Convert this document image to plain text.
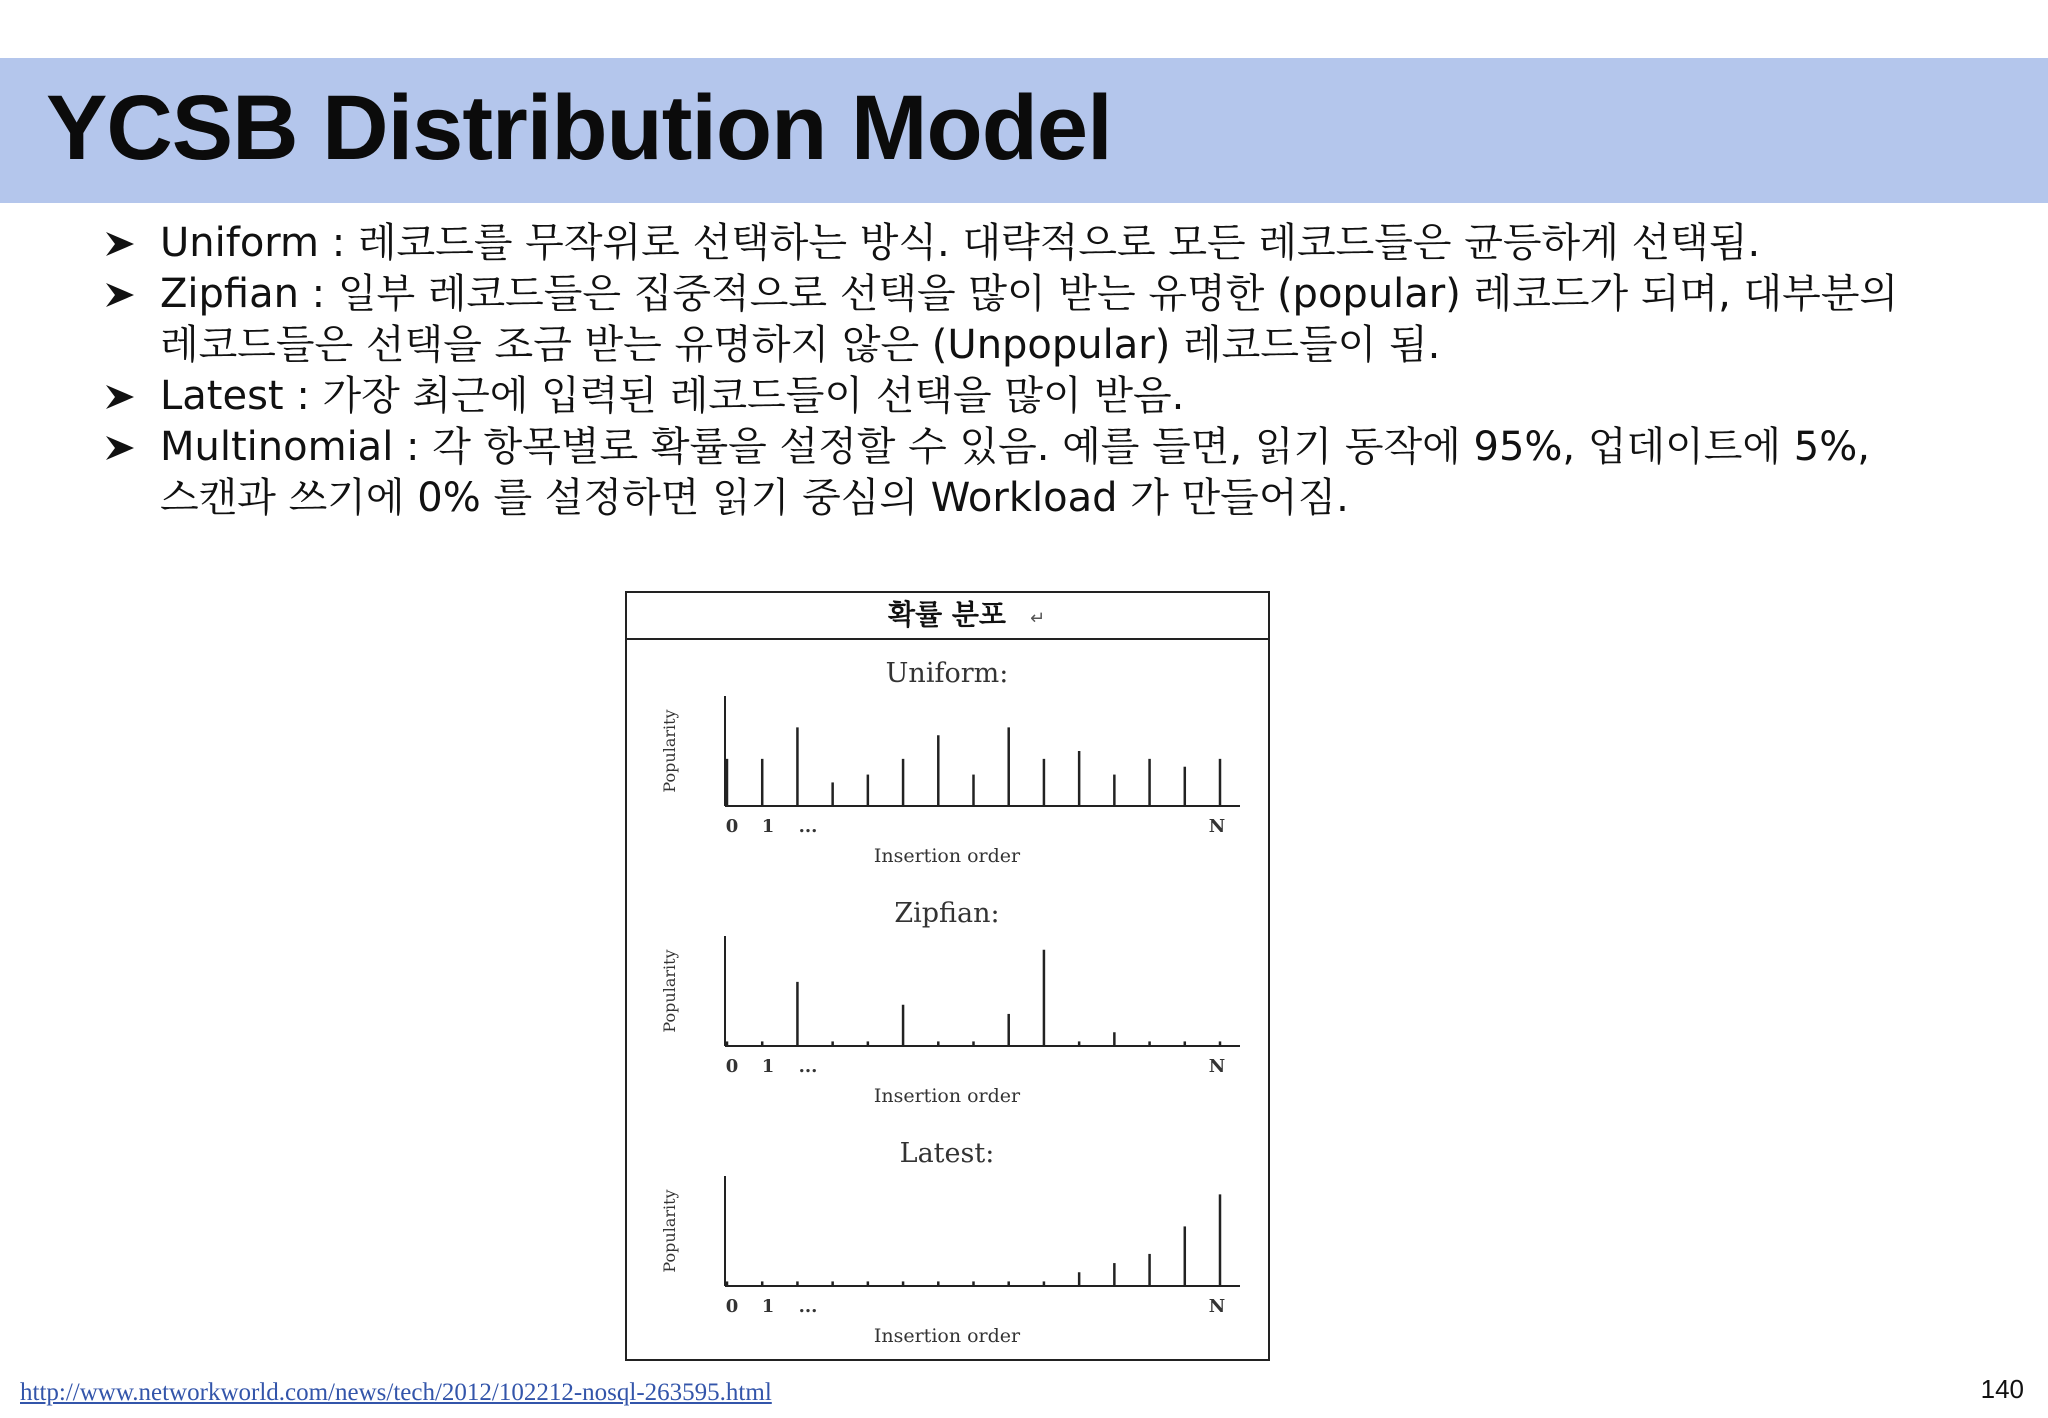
YCSB Distribution Model
Uniform : 레코드를 무작위로 선택하는 방식. 대략적으로 모든 레코드들은 균등하게 선택됨.
Zipfian : 일부 레코드들은 집중적으로 선택을 많이 받는 유명한 (popular) 레코드가 되며, 대부분의 레코드들은 선택을 조금 받는 유명하지 않은 (Unpopular) 레코드들이 됨.
Latest : 가장 최근에 입력된 레코드들이 선택을 많이 받음.
Multinomial : 각 항목별로 확률을 설정할 수 있음. 예를 들면, 읽기 동작에 95%, 업데이트에 5%, 스캔과 쓰기에 0% 를 설정하면 읽기 중심의 Workload 가 만들어짐.
확률 분포 ↵
Uniform:
Popularity
0 1 ...	N
Insertion order
Zipfian:
Popularity
0 1 ...	N
Insertion order
Latest:
Popularity
0 1 ...	N
Insertion order
http://www.networkworld.com/news/tech/2012/102212-nosql-263595.html	140
